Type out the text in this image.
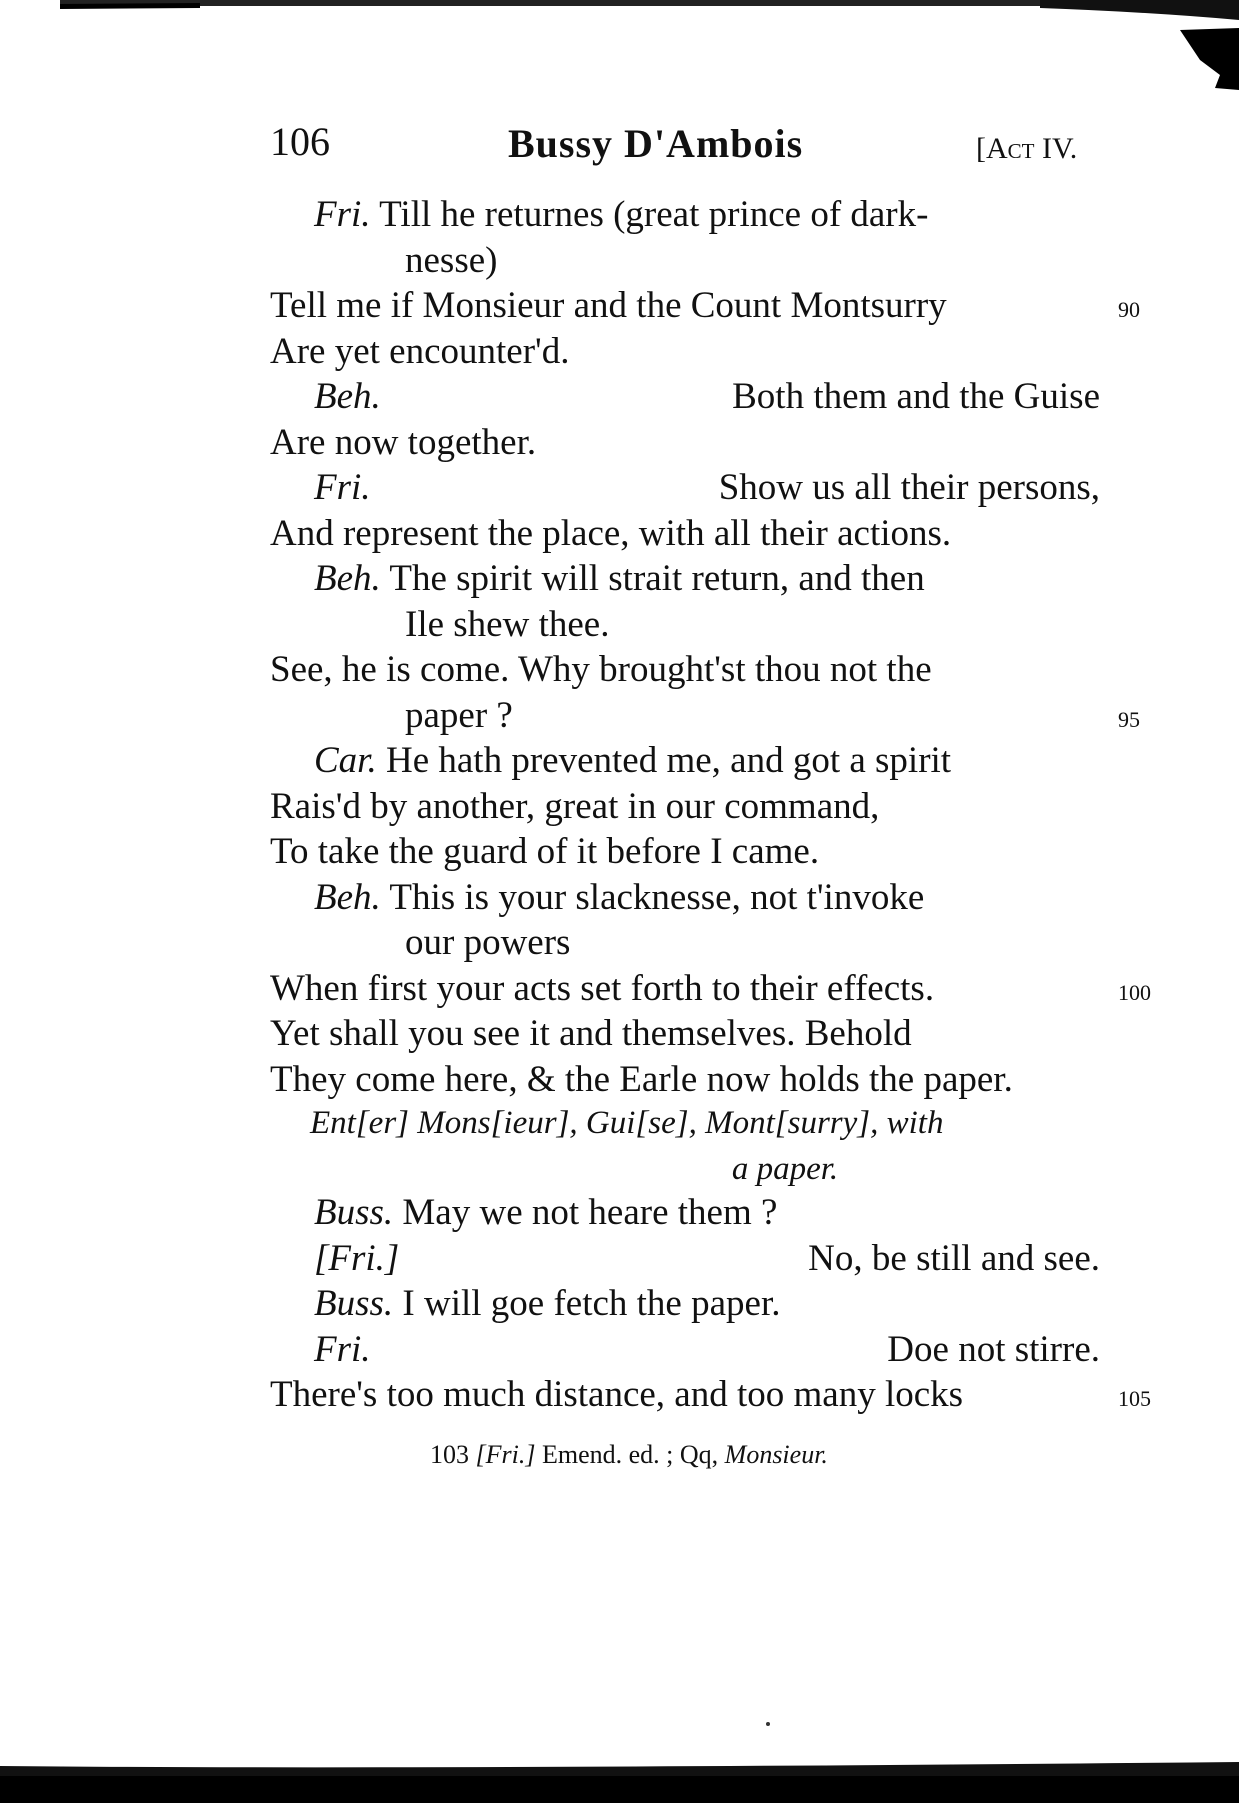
106	Bussy D'Ambois	[Act IV.
Fri. Till he returnes (great prince of dark-
nesse)
Tell me if Monsieur and the Count Montsurry	90
Are yet encounter'd.
Beh.	Both them and the Guise
Are now together.
Fri.	Show us all their persons,
And represent the place, with all their actions.
Beh. The spirit will strait return, and then
Ile shew thee.
See, he is come. Why brought'st thou not the
paper ?	95
Car. He hath prevented me, and got a spirit
Rais'd by another, great in our command,
To take the guard of it before I came.
Beh. This is your slacknesse, not t'invoke
our powers
When first your acts set forth to their effects.	100
Yet shall you see it and themselves. Behold
They come here, & the Earle now holds the paper.
Ent[er] Mons[ieur], Gui[se], Mont[surry], with
a paper.
Buss. May we not heare them ?
[Fri.]	No, be still and see.
Buss. I will goe fetch the paper.
Fri.	Doe not stirre.
There's too much distance, and too many locks	105
103 [Fri.] Emend. ed. ; Qq, Monsieur.
